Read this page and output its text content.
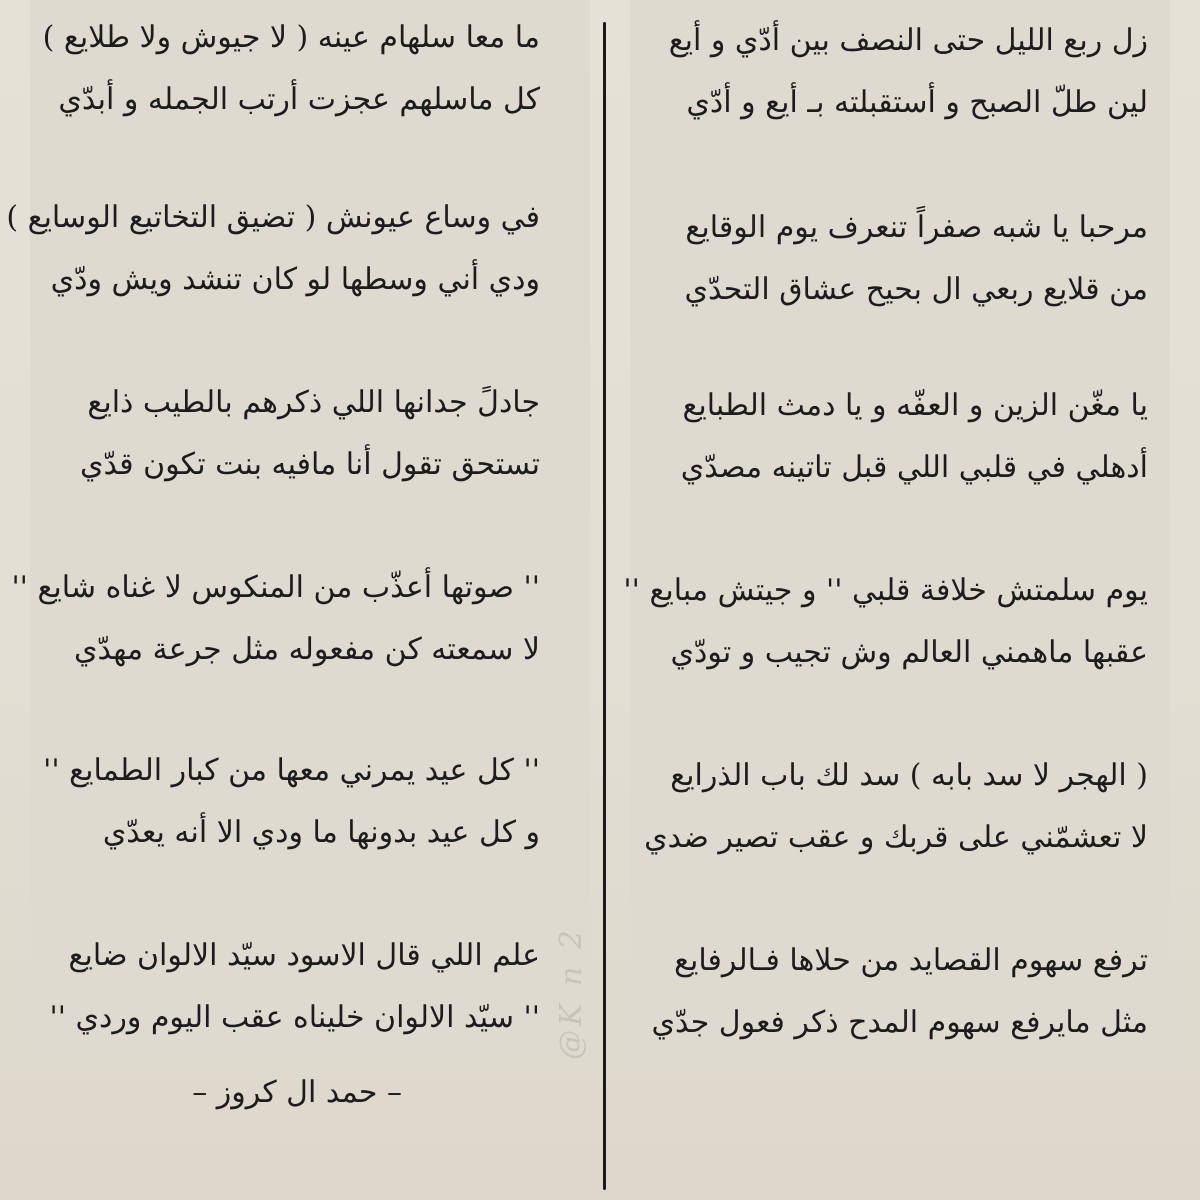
زل ربع الليل حتى النصف بين أدّي و أيع
لين طلّ الصبح و أستقبلته بـ أيع و أدّي
مرحبا يا شبه صفراً تنعرف يوم الوقايع
من قلايع ربعي ال بحيح عشاق التحدّي
يا مغّن الزين و العفّه و يا دمث الطبايع
أدهلي في قلبي اللي قبل تاتينه مصدّي
يوم سلمتش خلافة قلبي '' و جيتش مبايع ''
عقبها ماهمني العالم وش تجيب و تودّي
( الهجر لا سد بابه ) سد لك باب الذرايع
لا تعشمّني على قربك و عقب تصير ضدي
ترفع سهوم القصايد من حلاها فـالرفايع
مثل مايرفع سهوم المدح ذكر فعول جدّي
ما معا سلهام عينه ( لا جيوش ولا طلايع )
كل ماسلهم عجزت أرتب الجمله و أبدّي
في وساع عيونش ( تضيق التخاتيع الوسايع )
ودي أني وسطها لو كان تنشد ويش ودّي
جادلً جدانها اللي ذكرهم بالطيب ذايع
تستحق تقول أنا مافيه بنت تكون قدّي
'' صوتها أعذّب من المنكوس لا غناه شايع ''
لا سمعته كن مفعوله مثل جرعة مهدّي
'' كل عيد يمرني معها من كبار الطمايع ''
و كل عيد بدونها ما ودي الا أنه يعدّي
علم اللي قال الاسود سيّد الالوان ضايع
'' سيّد الالوان خليناه عقب اليوم وردي ''
– حمد ال كروز –
@K n 2
